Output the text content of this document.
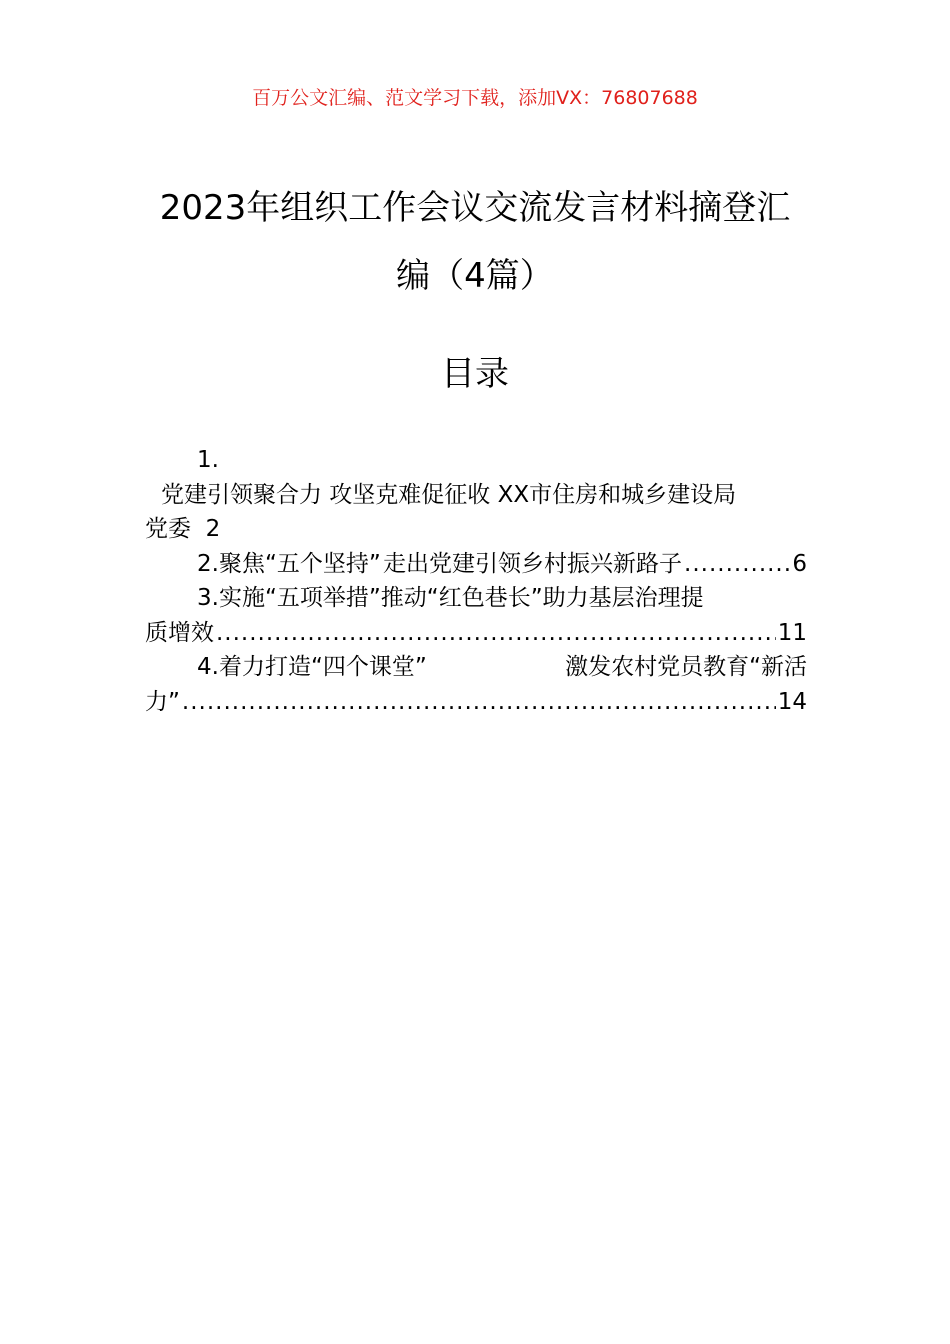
百万公文汇编、范文学习下载，添加VX：76807688
2023年组织工作会议交流发言材料摘登汇
编（4篇）
目录
1.
党建引领聚合力 攻坚克难促征收 XX市住房和城乡建设局
党委 2
2.聚焦“五个坚持” 走出党建引领乡村振兴新路子 .....	6
3.实施“五项举措”推动“红色巷长”助力基层治理提
质增效 .....	11
4.着力打造“四个课堂”	激发农村党员教育“新活
力” .....	14
